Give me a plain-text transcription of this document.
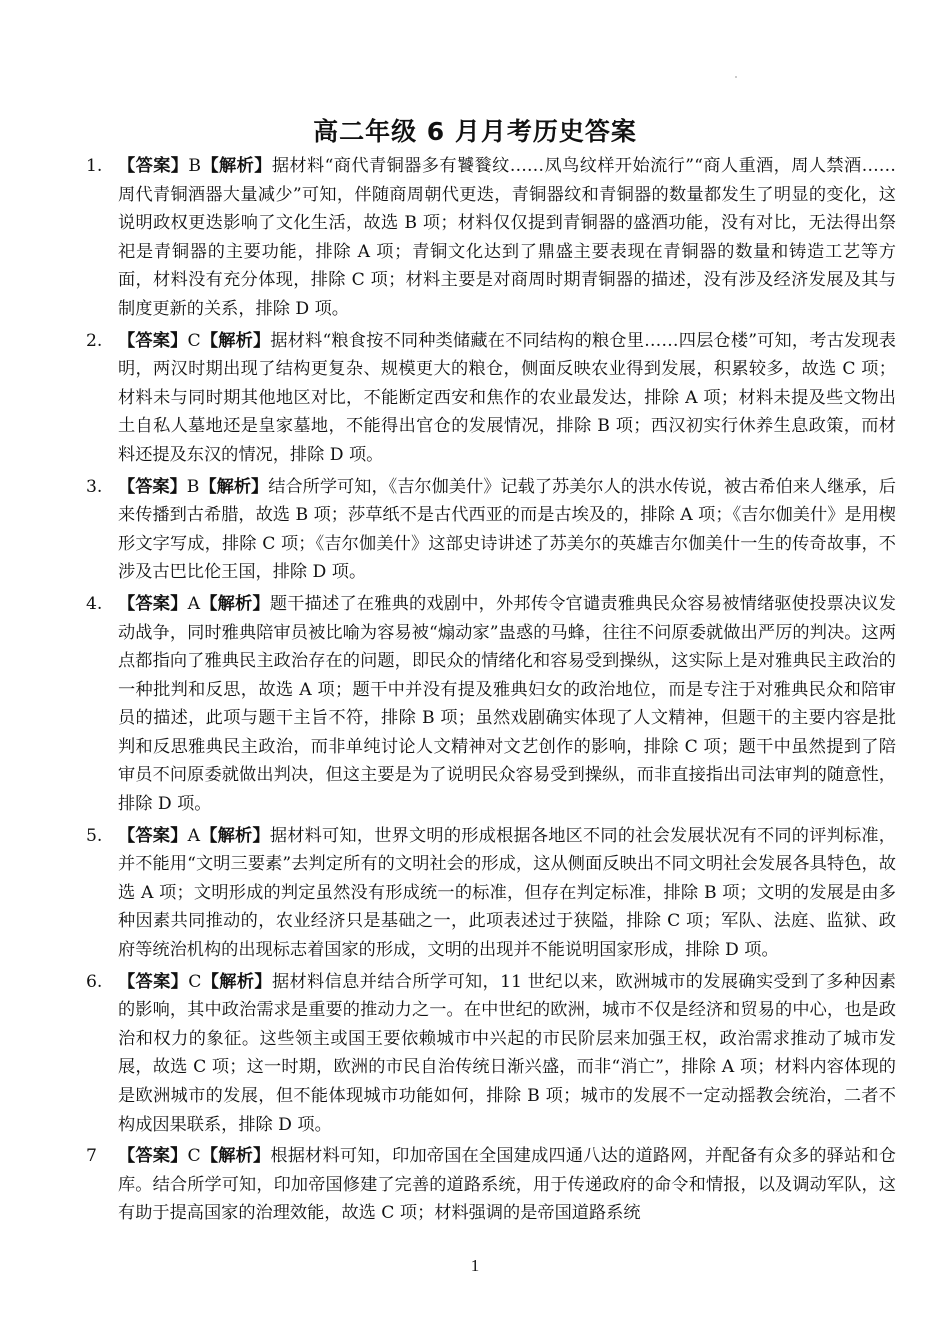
高二年级 6 月月考历史答案
1. 【答案】B【解析】据材料“商代青铜器多有饕餮纹……凤鸟纹样开始流行”“商人重酒，周人禁酒……周代青铜酒器大量减少”可知，伴随商周朝代更迭，青铜器纹和青铜器的数量都发生了明显的变化，这说明政权更迭影响了文化生活，故选 B 项；材料仅仅提到青铜器的盛酒功能，没有对比，无法得出祭祀是青铜器的主要功能，排除 A 项；青铜文化达到了鼎盛主要表现在青铜器的数量和铸造工艺等方面，材料没有充分体现，排除 C 项；材料主要是对商周时期青铜器的描述，没有涉及经济发展及其与制度更新的关系，排除 D 项。
2. 【答案】C【解析】据材料“粮食按不同种类储藏在不同结构的粮仓里……四层仓楼”可知，考古发现表明，两汉时期出现了结构更复杂、规模更大的粮仓，侧面反映农业得到发展，积累较多，故选 C 项；材料未与同时期其他地区对比，不能断定西安和焦作的农业最发达，排除 A 项；材料未提及些文物出土自私人墓地还是皇家墓地，不能得出官仓的发展情况，排除 B 项；西汉初实行休养生息政策，而材料还提及东汉的情况，排除 D 项。
3. 【答案】B【解析】结合所学可知，《吉尔伽美什》记载了苏美尔人的洪水传说，被古希伯来人继承，后来传播到古希腊，故选 B 项；莎草纸不是古代西亚的而是古埃及的，排除 A 项；《吉尔伽美什》是用楔形文字写成，排除 C 项；《吉尔伽美什》这部史诗讲述了苏美尔的英雄吉尔伽美什一生的传奇故事，不涉及古巴比伦王国，排除 D 项。
4. 【答案】A【解析】题干描述了在雅典的戏剧中，外邦传令官谴责雅典民众容易被情绪驱使投票决议发动战争，同时雅典陪审员被比喻为容易被“煽动家”蛊惑的马蜂，往往不问原委就做出严厉的判决。这两点都指向了雅典民主政治存在的问题，即民众的情绪化和容易受到操纵，这实际上是对雅典民主政治的一种批判和反思，故选 A 项；题干中并没有提及雅典妇女的政治地位，而是专注于对雅典民众和陪审员的描述，此项与题干主旨不符，排除 B 项；虽然戏剧确实体现了人文精神，但题干的主要内容是批判和反思雅典民主政治，而非单纯讨论人文精神对文艺创作的影响，排除 C 项；题干中虽然提到了陪审员不问原委就做出判决，但这主要是为了说明民众容易受到操纵，而非直接指出司法审判的随意性，排除 D 项。
5. 【答案】A【解析】据材料可知，世界文明的形成根据各地区不同的社会发展状况有不同的评判标准，并不能用“文明三要素”去判定所有的文明社会的形成，这从侧面反映出不同文明社会发展各具特色，故选 A 项；文明形成的判定虽然没有形成统一的标准，但存在判定标准，排除 B 项；文明的发展是由多种因素共同推动的，农业经济只是基础之一，此项表述过于狭隘，排除 C 项；军队、法庭、监狱、政府等统治机构的出现标志着国家的形成，文明的出现并不能说明国家形成，排除 D 项。
6. 【答案】C【解析】据材料信息并结合所学可知，11 世纪以来，欧洲城市的发展确实受到了多种因素的影响，其中政治需求是重要的推动力之一。在中世纪的欧洲，城市不仅是经济和贸易的中心，也是政治和权力的象征。这些领主或国王要依赖城市中兴起的市民阶层来加强王权，政治需求推动了城市发展，故选 C 项；这一时期，欧洲的市民自治传统日渐兴盛，而非“消亡”，排除 A 项；材料内容体现的是欧洲城市的发展，但不能体现城市功能如何，排除 B 项；城市的发展不一定动摇教会统治，二者不构成因果联系，排除 D 项。
7 【答案】C【解析】根据材料可知，印加帝国在全国建成四通八达的道路网，并配备有众多的驿站和仓库。结合所学可知，印加帝国修建了完善的道路系统，用于传递政府的命令和情报，以及调动军队，这有助于提高国家的治理效能，故选 C 项；材料强调的是帝国道路系统
1
